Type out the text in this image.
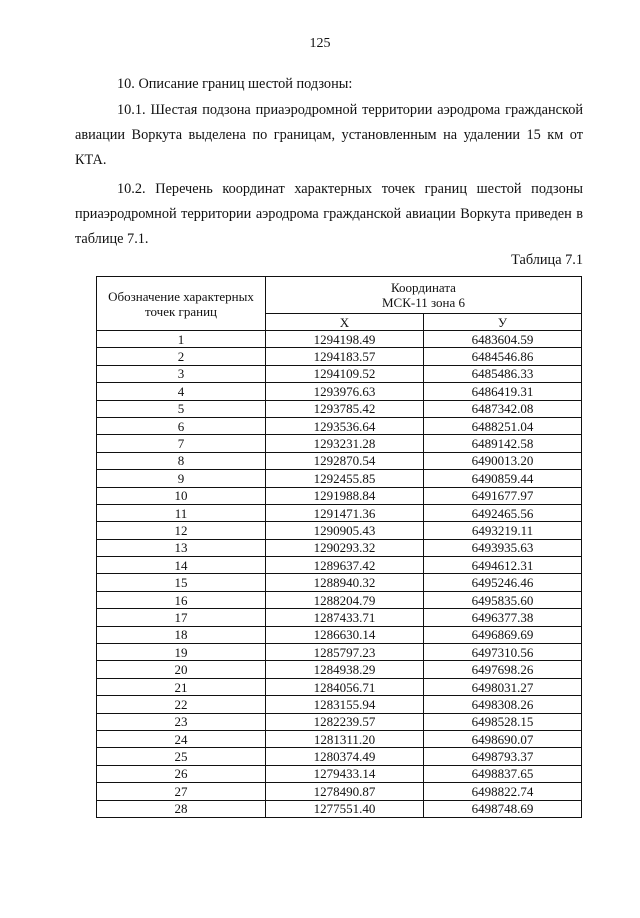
125

10. Описание границ шестой подзоны:

10.1. Шестая подзона приаэродромной территории аэродрома гражданской авиации Воркута выделена по границам, установленным на удалении 15 км от КТА.

10.2. Перечень координат характерных точек границ шестой подзоны приаэродромной территории аэродрома гражданской авиации Воркута приведен в таблице 7.1.

Таблица 7.1
Обозначение характерных точек границ	Координата
МСК-11 зона 6	

	X	У
1	1294198.49	6483604.59
2	1294183.57	6484546.86
3	1294109.52	6485486.33
4	1293976.63	6486419.31
5	1293785.42	6487342.08
6	1293536.64	6488251.04
7	1293231.28	6489142.58
8	1292870.54	6490013.20
9	1292455.85	6490859.44
10	1291988.84	6491677.97
11	1291471.36	6492465.56
12	1290905.43	6493219.11
13	1290293.32	6493935.63
14	1289637.42	6494612.31
15	1288940.32	6495246.46
16	1288204.79	6495835.60
17	1287433.71	6496377.38
18	1286630.14	6496869.69
19	1285797.23	6497310.56
20	1284938.29	6497698.26
21	1284056.71	6498031.27
22	1283155.94	6498308.26
23	1282239.57	6498528.15
24	1281311.20	6498690.07
25	1280374.49	6498793.37
26	1279433.14	6498837.65
27	1278490.87	6498822.74
28	1277551.40	6498748.69
